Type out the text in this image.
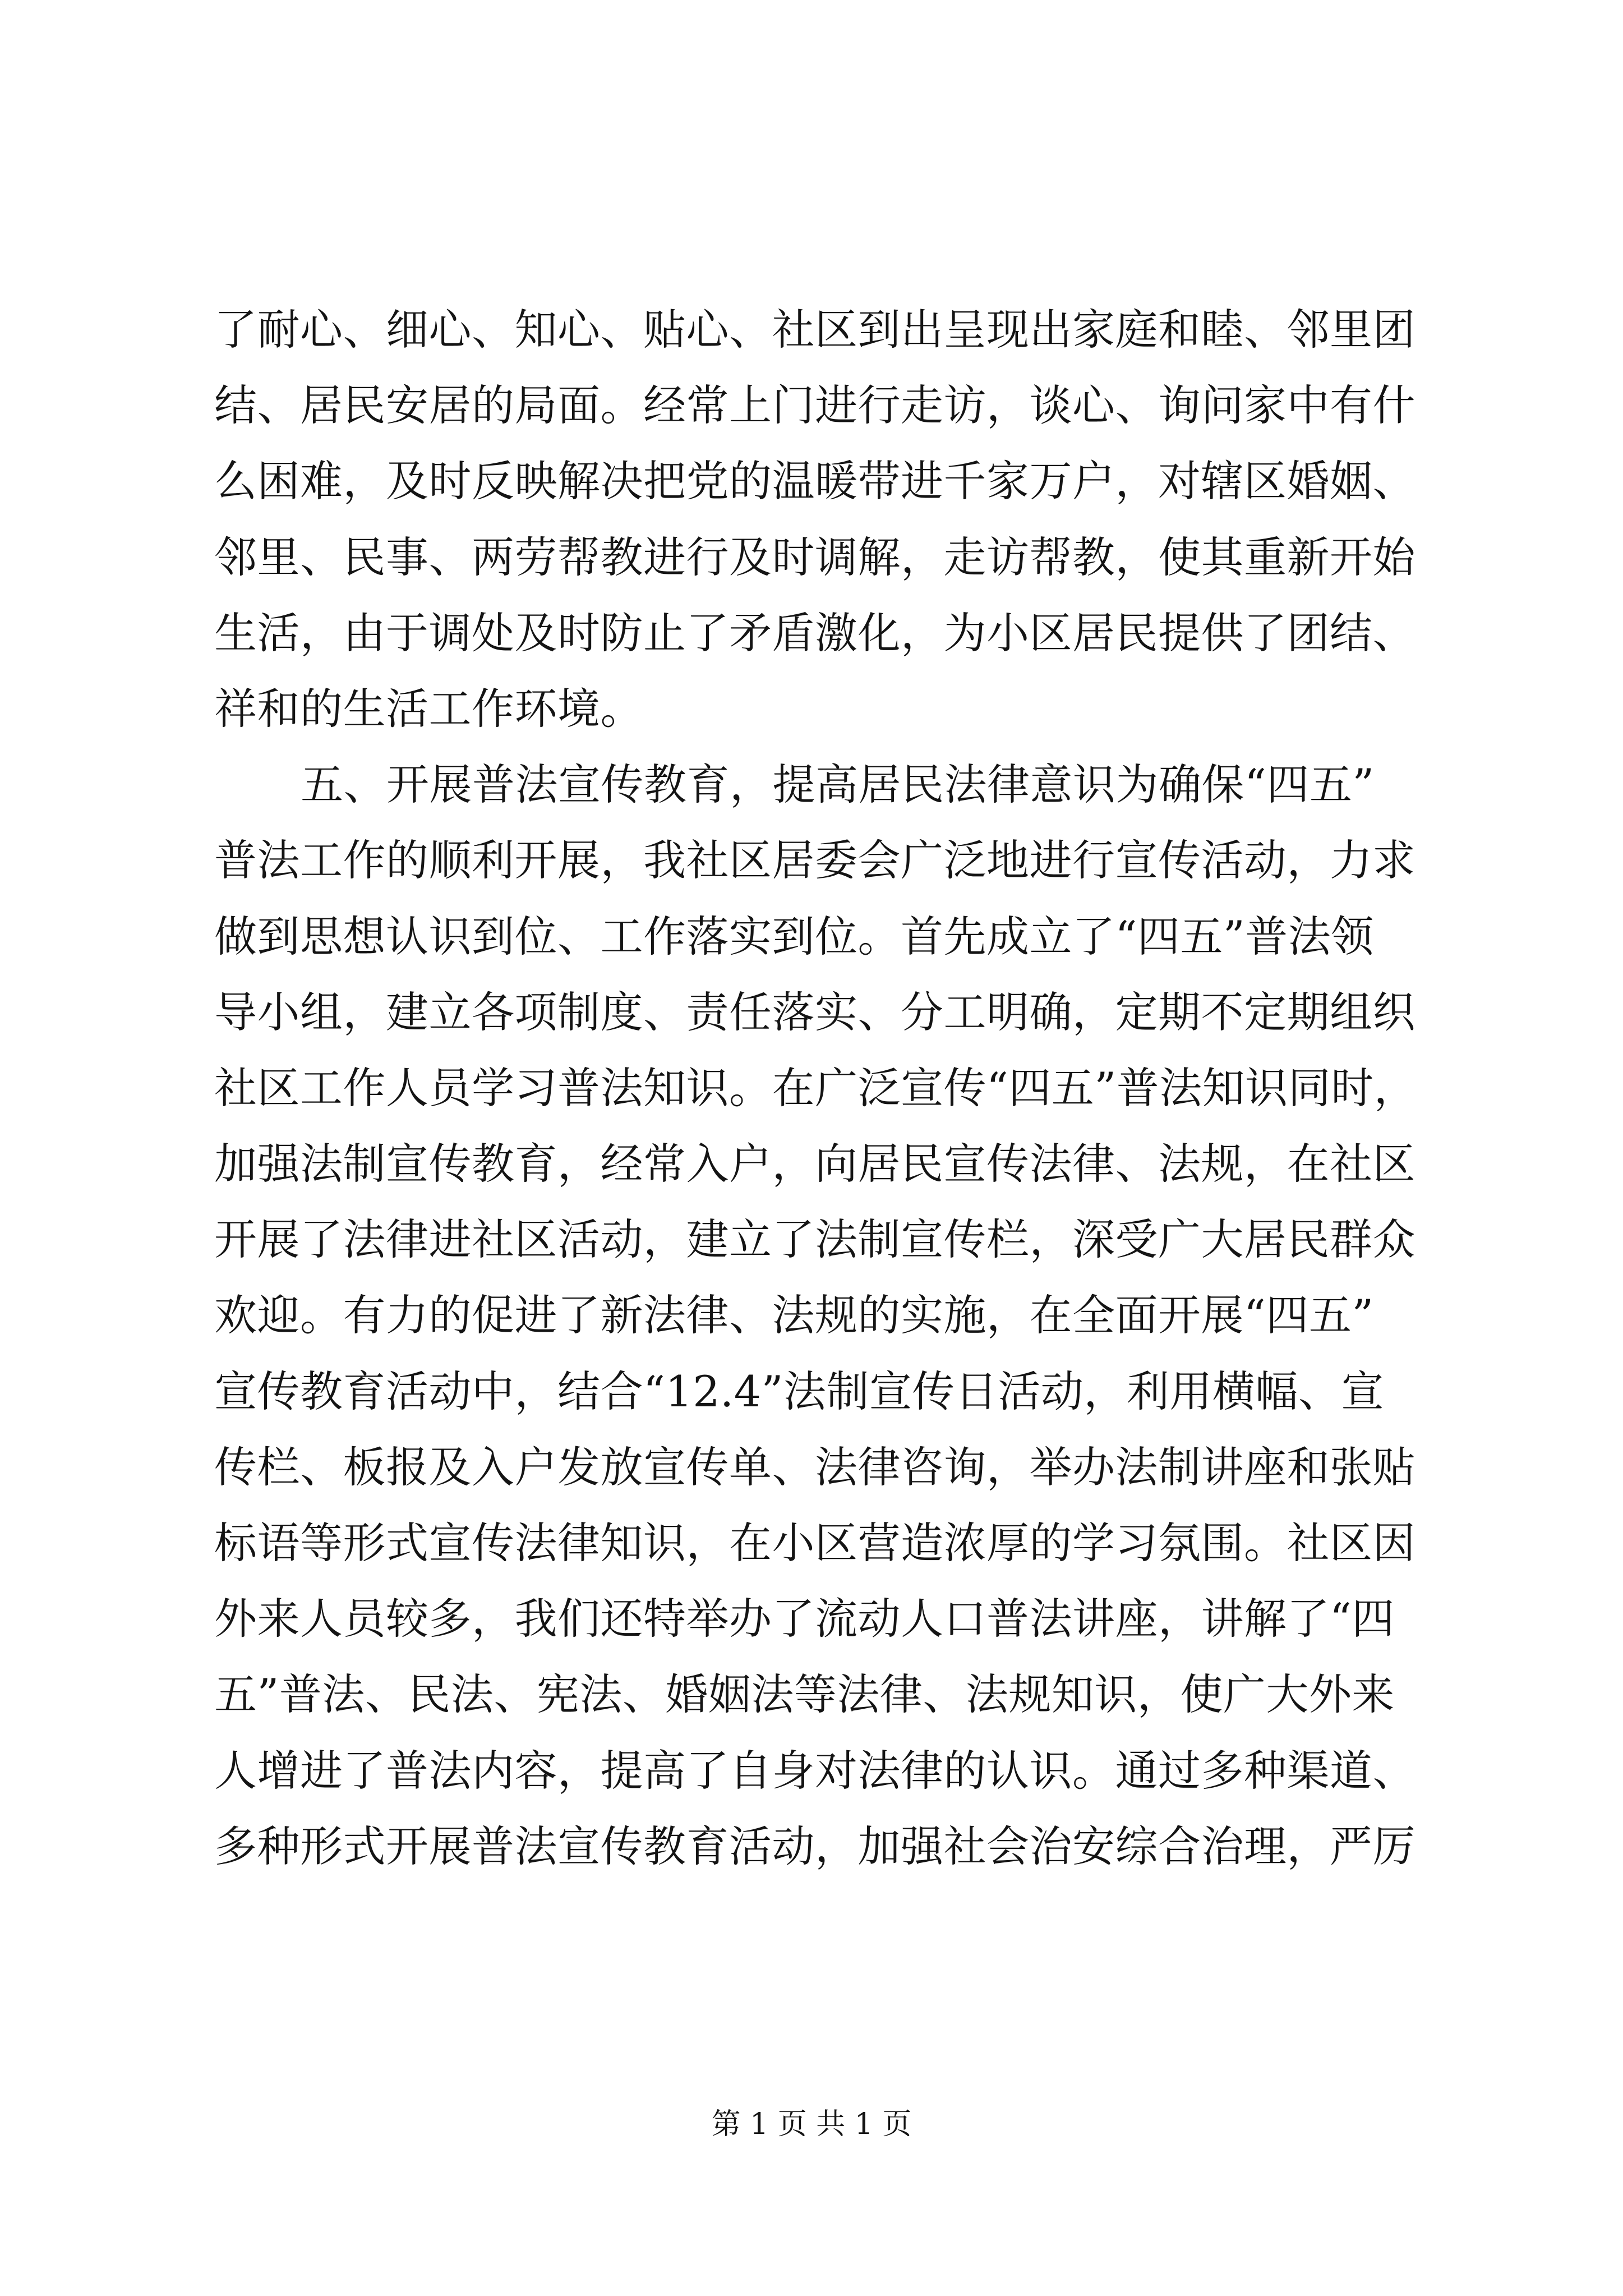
了耐心、细心、知心、贴心、社区到出呈现出家庭和睦、邻里团
结、居民安居的局面。经常上门进行走访，谈心、询问家中有什
么困难，及时反映解决把党的温暖带进千家万户，对辖区婚姻、
邻里、民事、两劳帮教进行及时调解，走访帮教，使其重新开始
生活，由于调处及时防止了矛盾激化，为小区居民提供了团结、
祥和的生活工作环境。
五、开展普法宣传教育，提高居民法律意识为确保“四五”
普法工作的顺利开展，我社区居委会广泛地进行宣传活动，力求
做到思想认识到位、工作落实到位。首先成立了“四五”普法领
导小组，建立各项制度、责任落实、分工明确，定期不定期组织
社区工作人员学习普法知识。在广泛宣传“四五”普法知识同时，
加强法制宣传教育，经常入户，向居民宣传法律、法规，在社区
开展了法律进社区活动，建立了法制宣传栏，深受广大居民群众
欢迎。有力的促进了新法律、法规的实施，在全面开展“四五”
宣传教育活动中，结合“12.4”法制宣传日活动，利用横幅、宣
传栏、板报及入户发放宣传单、法律咨询，举办法制讲座和张贴
标语等形式宣传法律知识，在小区营造浓厚的学习氛围。社区因
外来人员较多，我们还特举办了流动人口普法讲座，讲解了“四
五”普法、民法、宪法、婚姻法等法律、法规知识，使广大外来
人增进了普法内容，提高了自身对法律的认识。通过多种渠道、
多种形式开展普法宣传教育活动，加强社会治安综合治理，严厉
第 1 页 共 1 页
